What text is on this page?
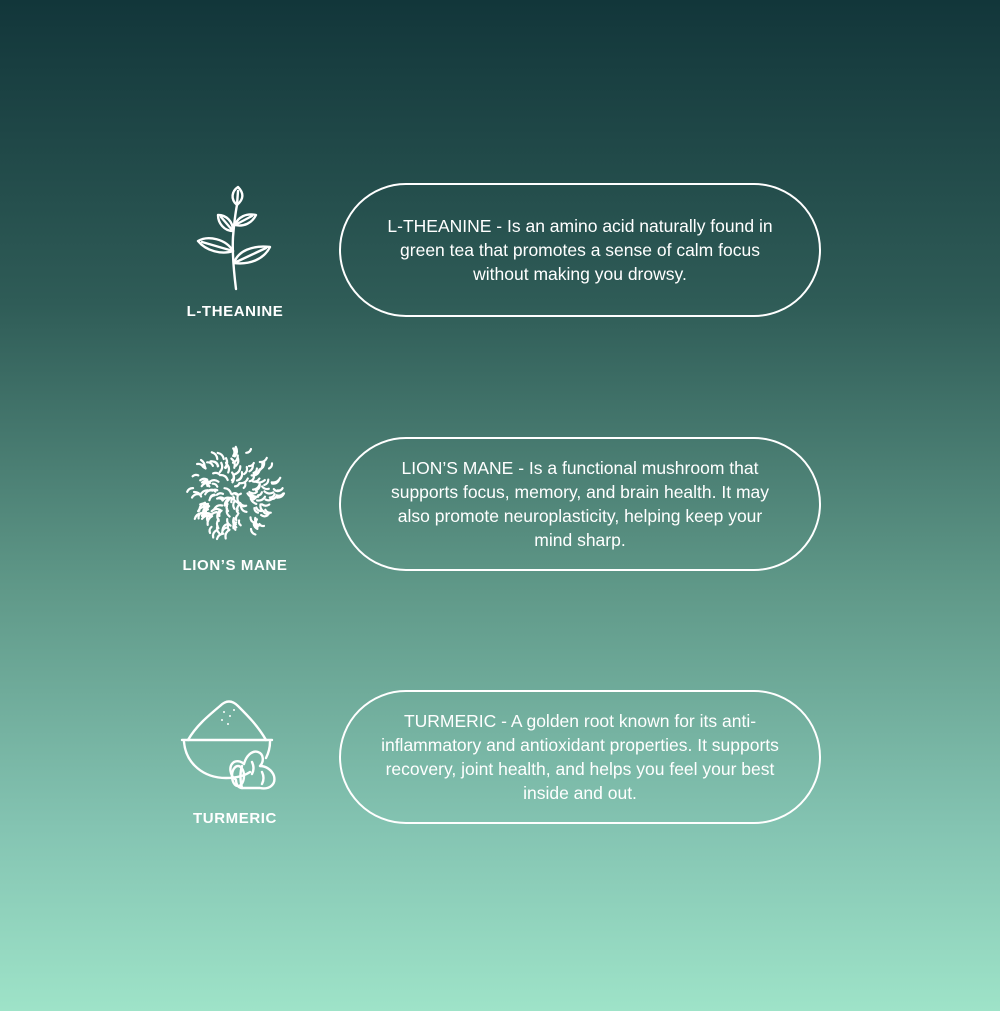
L-THEANINE

L-THEANINE - Is an amino acid naturally found in green tea that promotes a sense of calm focus without making you drowsy.

LION’S MANE

LION’S MANE - Is a functional mushroom that supports focus, memory, and brain health. It may also promote neuroplasticity, helping keep your mind sharp.

TURMERIC

TURMERIC - A golden root known for its anti-inflammatory and antioxidant properties. It supports recovery, joint health, and helps you feel your best inside and out.
